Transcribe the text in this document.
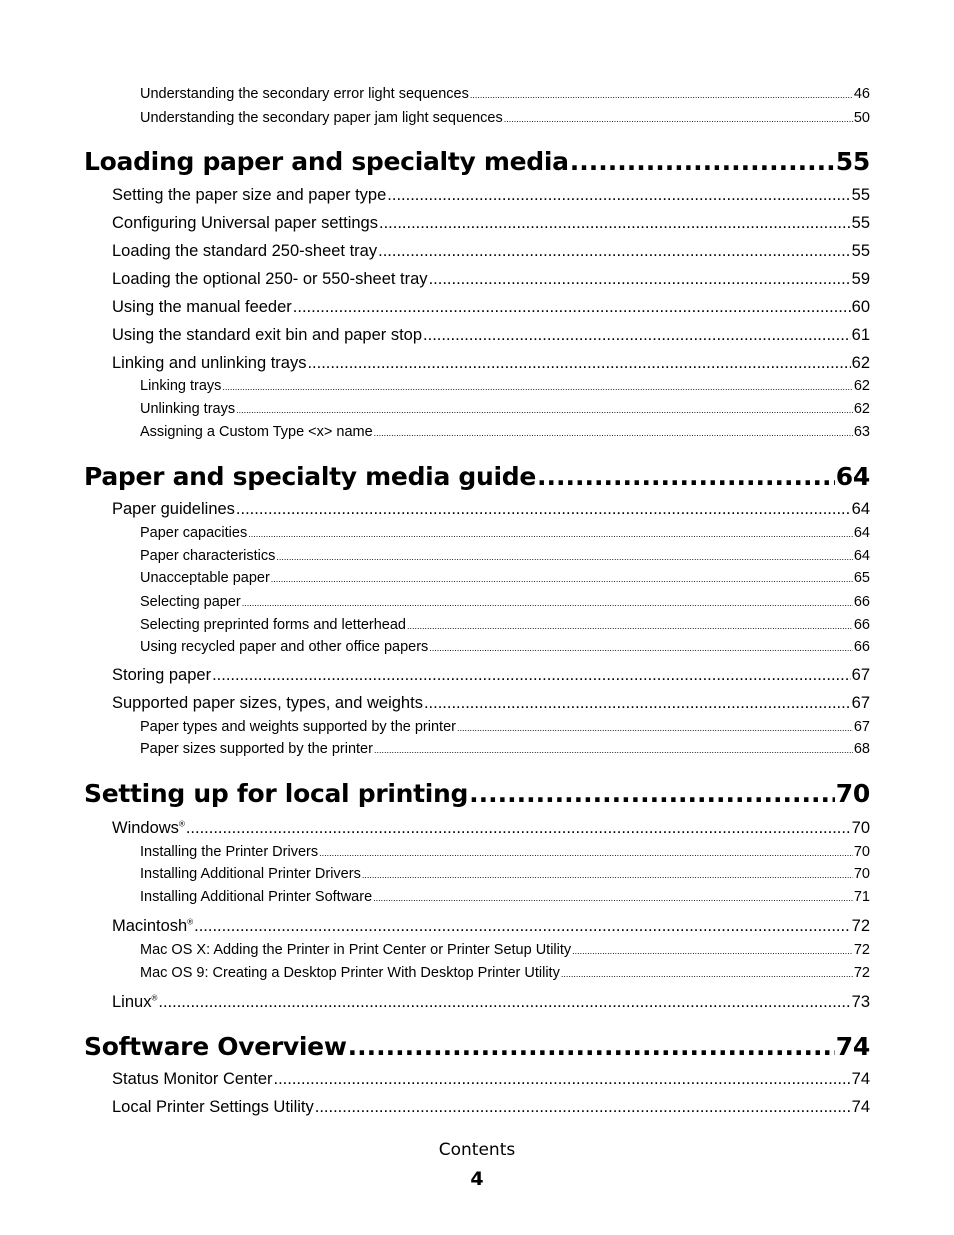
Understanding the secondary error light sequences .....	46
Understanding the secondary paper jam light sequences .....	50
Loading paper and specialty media .....	55
Setting the paper size and paper type .....	55
Configuring Universal paper settings .....	55
Loading the standard 250-sheet tray .....	55
Loading the optional 250- or 550-sheet tray .....	59
Using the manual feeder .....	60
Using the standard exit bin and paper stop .....	61
Linking and unlinking trays .....	62
Linking trays .....	62
Unlinking trays .....	62
Assigning a Custom Type <x> name .....	63
Paper and specialty media guide .....	64
Paper guidelines .....	64
Paper capacities .....	64
Paper characteristics .....	64
Unacceptable paper .....	65
Selecting paper .....	66
Selecting preprinted forms and letterhead .....	66
Using recycled paper and other office papers .....	66
Storing paper .....	67
Supported paper sizes, types, and weights .....	67
Paper types and weights supported by the printer .....	67
Paper sizes supported by the printer .....	68
Setting up for local printing .....	70
Windows® .....	70
Installing the Printer Drivers .....	70
Installing Additional Printer Drivers .....	70
Installing Additional Printer Software .....	71
Macintosh® .....	72
Mac OS X: Adding the Printer in Print Center or Printer Setup Utility .....	72
Mac OS 9: Creating a Desktop Printer With Desktop Printer Utility .....	72
Linux® .....	73
Software Overview .....	74
Status Monitor Center .....	74
Local Printer Settings Utility .....	74
Contents
4
